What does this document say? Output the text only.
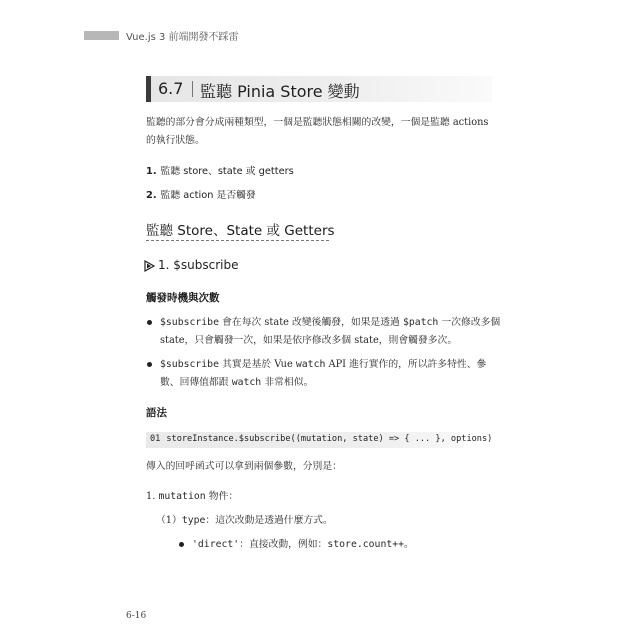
Vue.js 3 前端開發不踩雷
6.7 監聽 Pinia Store 變動
監聽的部分會分成兩種類型，一個是監聽狀態相關的改變，一個是監聽 actions
的執行狀態。
1. 監聽 store、state 或 getters
2. 監聽 action 是否觸發
監聽 Store、State 或 Getters
1. $subscribe
觸發時機與次數
$subscribe 會在每次 state 改變後觸發，如果是透過 $patch 一次修改多個
state，只會觸發一次，如果是依序修改多個 state，則會觸發多次。
$subscribe 其實是基於 Vue watch API 進行實作的，所以許多特性、參
數、回傳值都跟 watch 非常相似。
語法
01 storeInstance.$subscribe((mutation, state) => { ... }, options)
傳入的回呼函式可以拿到兩個參數，分別是：
1. mutation 物件：
（1）type：這次改動是透過什麼方式。
'direct'：直接改動，例如：store.count++。
6-16
